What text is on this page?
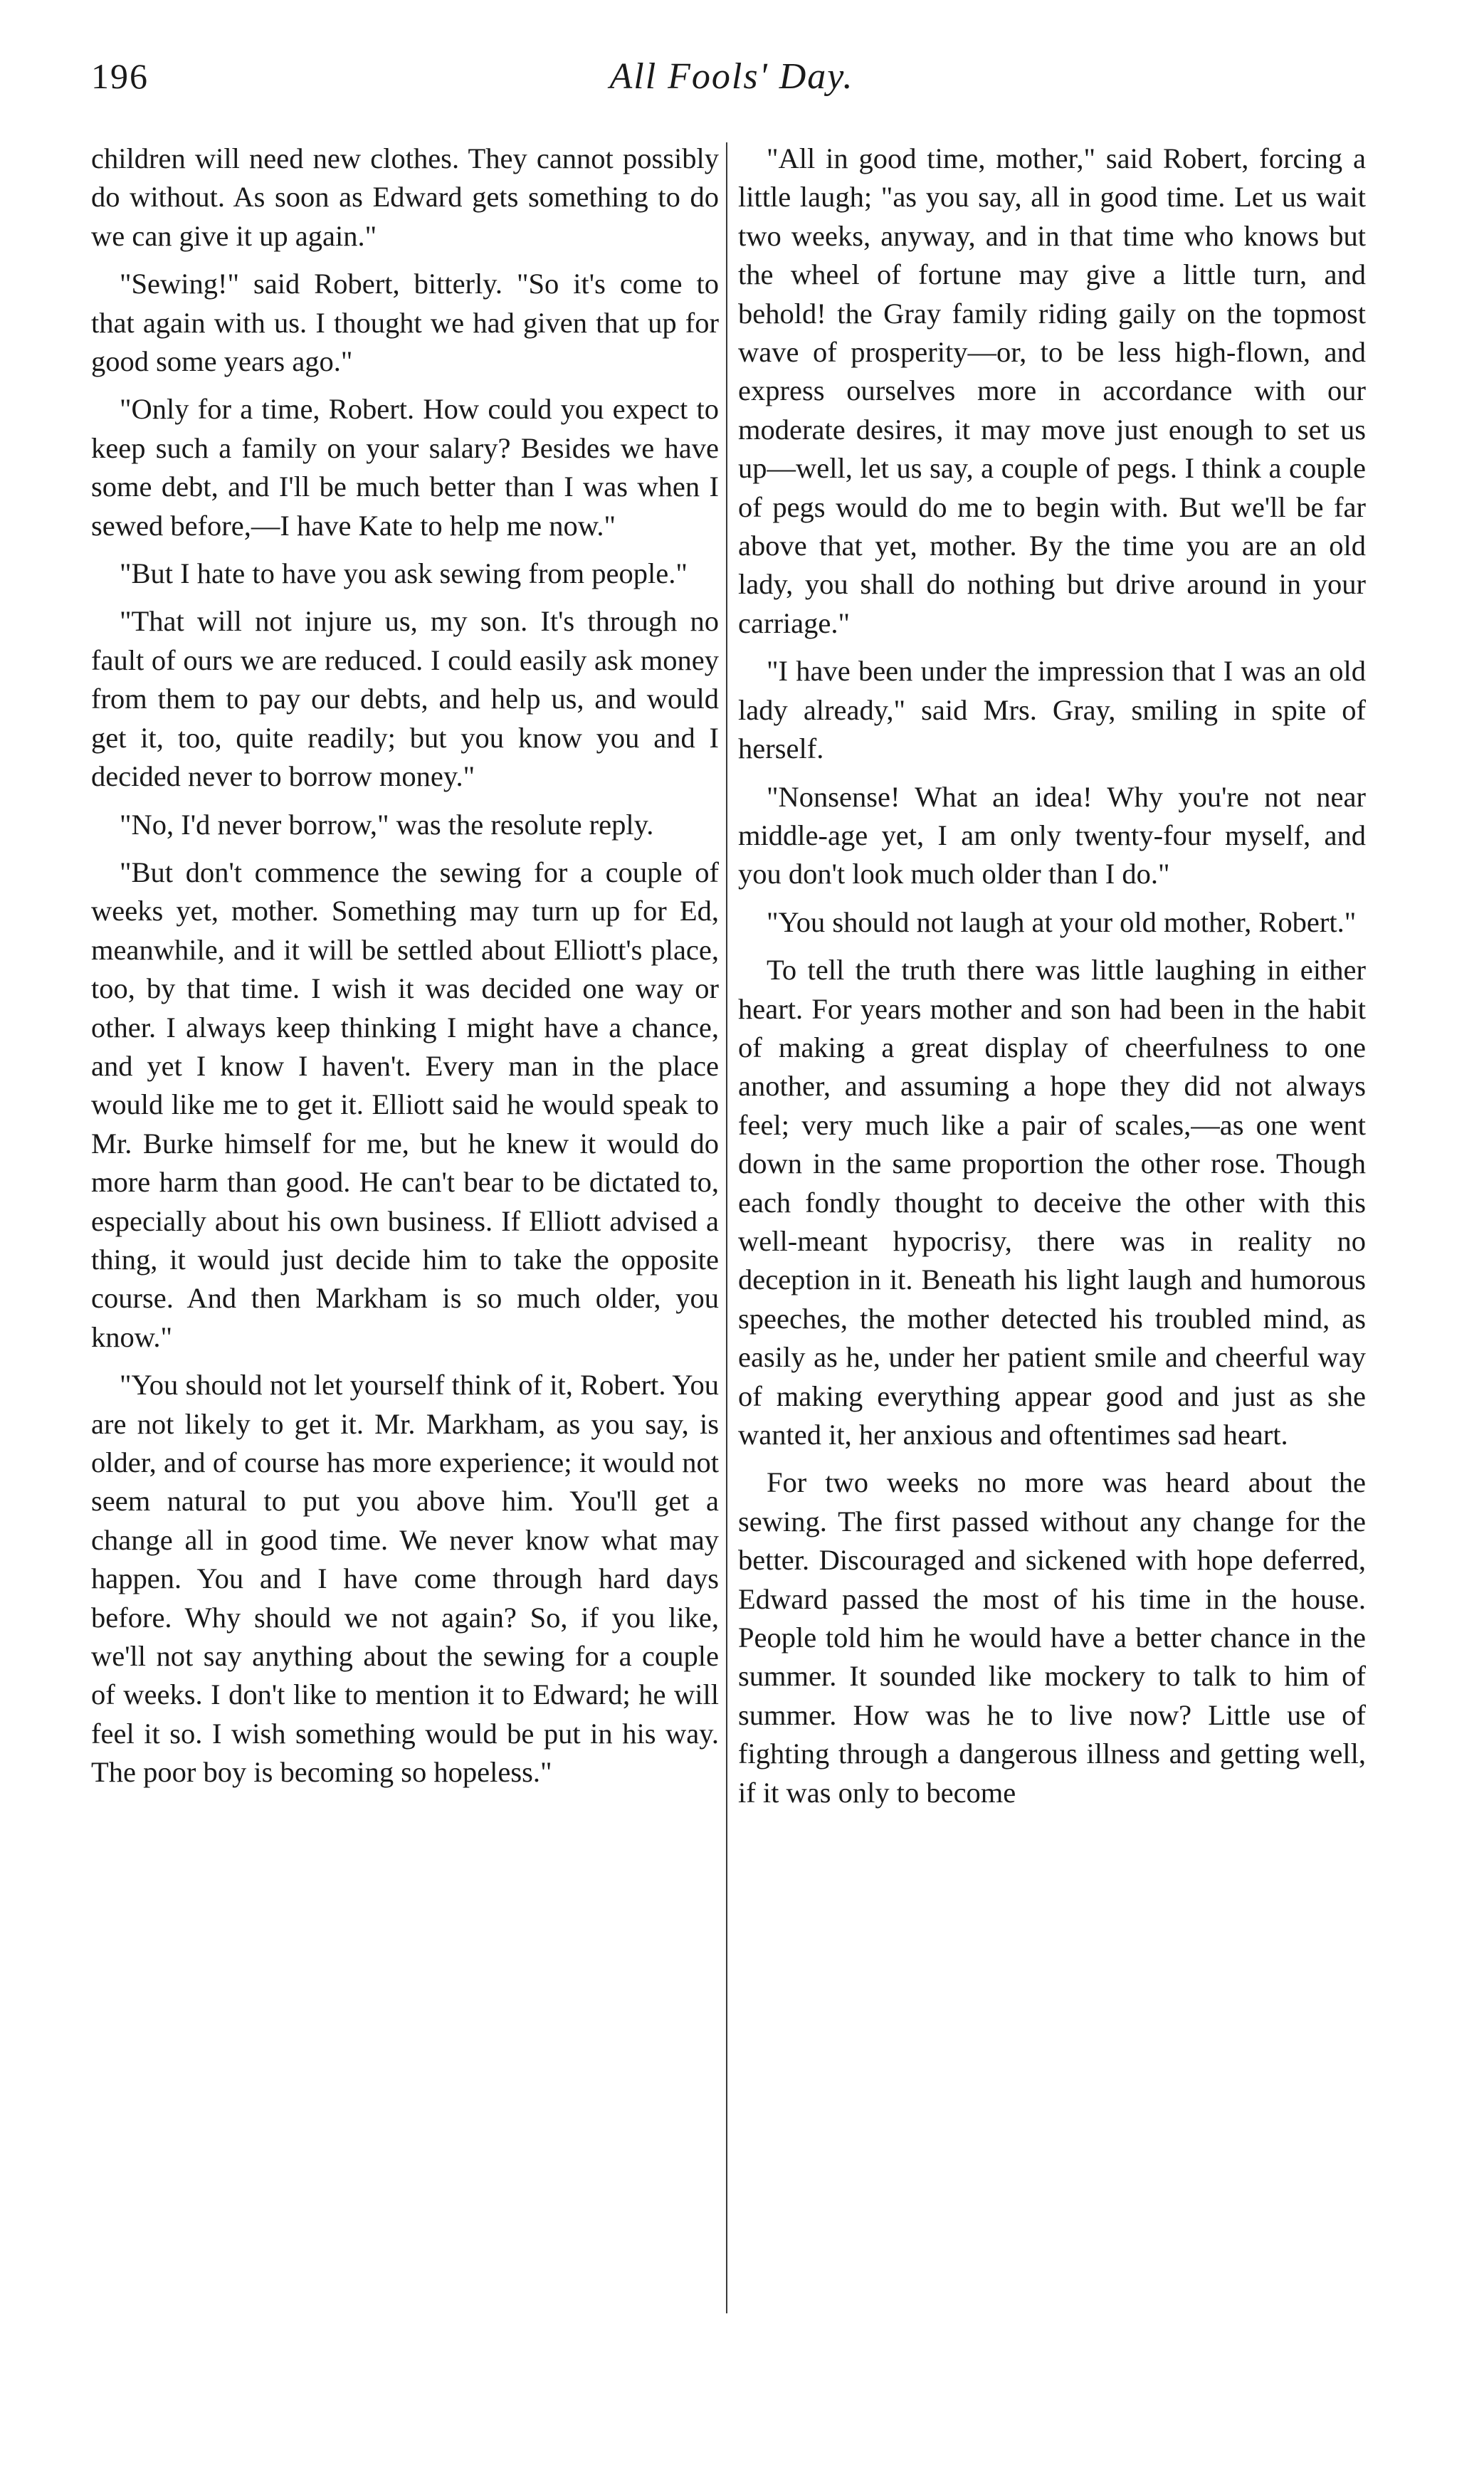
196	All Fools' Day.

children will need new clothes. They cannot possibly do without. As soon as Edward gets something to do we can give it up again."

"Sewing!" said Robert, bitterly. "So it's come to that again with us. I thought we had given that up for good some years ago."

"Only for a time, Robert. How could you expect to keep such a family on your salary? Besides we have some debt, and I'll be much better than I was when I sewed before,—I have Kate to help me now."

"But I hate to have you ask sewing from people."

"That will not injure us, my son. It's through no fault of ours we are reduced. I could easily ask money from them to pay our debts, and help us, and would get it, too, quite readily; but you know you and I decided never to borrow money."

"No, I'd never borrow," was the resolute reply.

"But don't commence the sewing for a couple of weeks yet, mother. Something may turn up for Ed, meanwhile, and it will be settled about Elliott's place, too, by that time. I wish it was decided one way or other. I always keep thinking I might have a chance, and yet I know I haven't. Every man in the place would like me to get it. Elliott said he would speak to Mr. Burke himself for me, but he knew it would do more harm than good. He can't bear to be dictated to, especially about his own business. If Elliott advised a thing, it would just decide him to take the opposite course. And then Markham is so much older, you know."

"You should not let yourself think of it, Robert. You are not likely to get it. Mr. Markham, as you say, is older, and of course has more experience; it would not seem natural to put you above him. You'll get a change all in good time. We never know what may happen. You and I have come through hard days before. Why should we not again? So, if you like, we'll not say anything about the sewing for a couple of weeks. I don't like to mention it to Edward; he will feel it so. I wish something would be put in his way. The poor boy is becoming so hopeless."

"All in good time, mother," said Robert, forcing a little laugh; "as you say, all in good time. Let us wait two weeks, anyway, and in that time who knows but the wheel of fortune may give a little turn, and behold! the Gray family riding gaily on the topmost wave of prosperity—or, to be less high-flown, and express ourselves more in accordance with our moderate desires, it may move just enough to set us up—well, let us say, a couple of pegs. I think a couple of pegs would do me to begin with. But we'll be far above that yet, mother. By the time you are an old lady, you shall do nothing but drive around in your carriage."

"I have been under the impression that I was an old lady already," said Mrs. Gray, smiling in spite of herself.

"Nonsense! What an idea! Why you're not near middle-age yet, I am only twenty-four myself, and you don't look much older than I do."

"You should not laugh at your old mother, Robert."

To tell the truth there was little laughing in either heart. For years mother and son had been in the habit of making a great display of cheerfulness to one another, and assuming a hope they did not always feel; very much like a pair of scales,—as one went down in the same proportion the other rose. Though each fondly thought to deceive the other with this well-meant hypocrisy, there was in reality no deception in it. Beneath his light laugh and humorous speeches, the mother detected his troubled mind, as easily as he, under her patient smile and cheerful way of making everything appear good and just as she wanted it, her anxious and oftentimes sad heart.

For two weeks no more was heard about the sewing. The first passed without any change for the better. Discouraged and sickened with hope deferred, Edward passed the most of his time in the house. People told him he would have a better chance in the summer. It sounded like mockery to talk to him of summer. How was he to live now? Little use of fighting through a dangerous illness and getting well, if it was only to become
